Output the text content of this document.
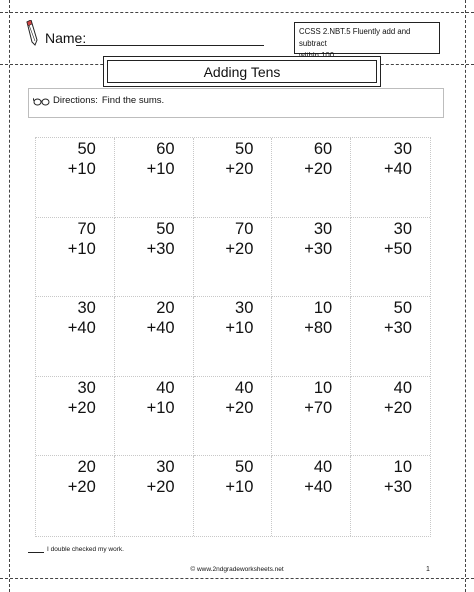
Name:	CCSS 2.NBT.5 Fluently add and subtract
Adding Tens
Directions: Find the sums.
50
+10
60
+10
50
+20
60
+20
30
+40
70
+10
50
+30
70
+20
30
+30
30
+50
30
+40
20
+40
30
+10
10
+80
50
+30
30
+20
40
+10
40
+20
10
+70
40
+20
20
+20
30
+20
50
+10
40
+40
10
+30
I double checked my work.
© www.2ndgradeworksheets.net	1
